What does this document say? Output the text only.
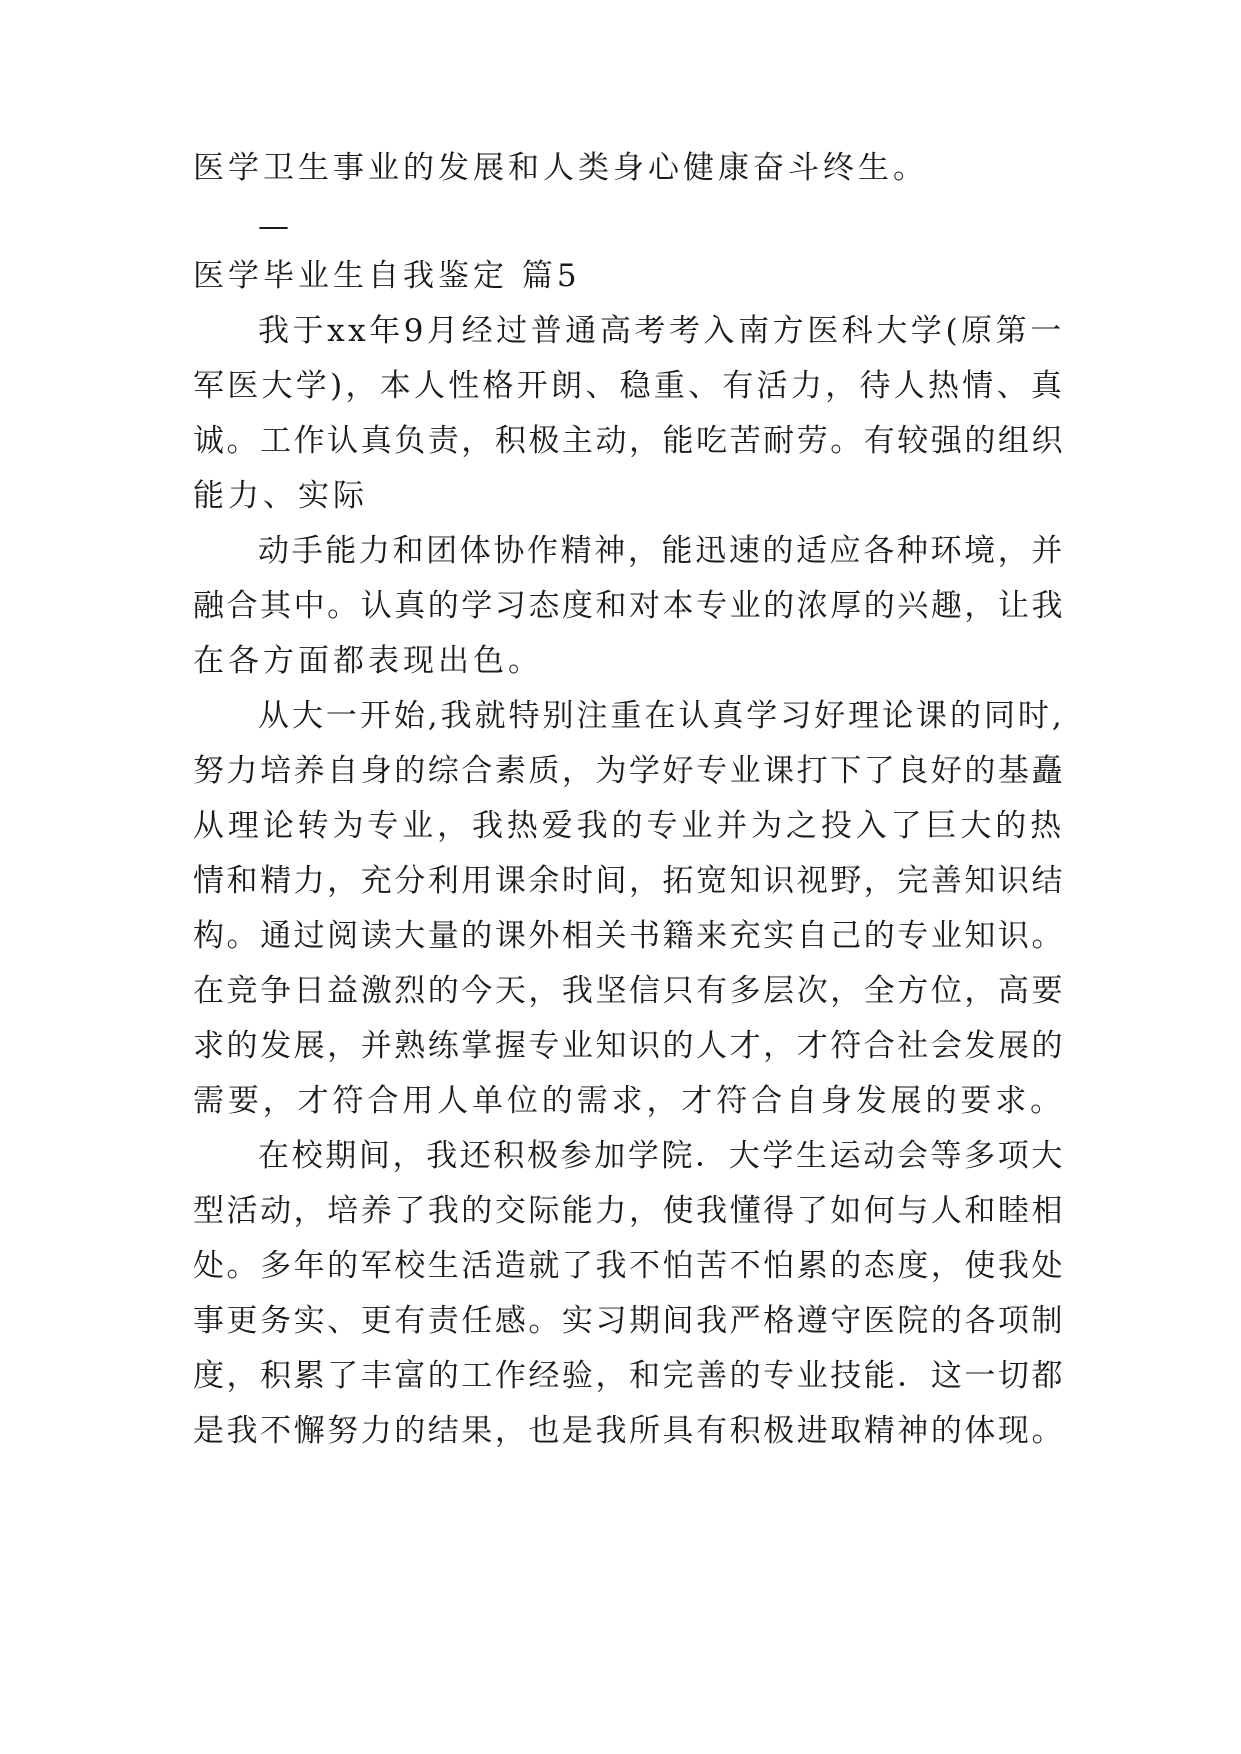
医学卫生事业的发展和人类身心健康奋斗终生。
—
医学毕业生自我鉴定 篇5
我于xx年9月经过普通高考考入南方医科大学(原第一
军医大学)，本人性格开朗、稳重、有活力，待人热情、真
诚。工作认真负责，积极主动，能吃苦耐劳。有较强的组织
能力、实际
动手能力和团体协作精神，能迅速的适应各种环境，并
融合其中。认真的学习态度和对本专业的浓厚的兴趣，让我
在各方面都表现出色。
从大一开始,我就特别注重在认真学习好理论课的同时,
努力培养自身的综合素质，为学好专业课打下了良好的基矗
从理论转为专业，我热爱我的专业并为之投入了巨大的热
情和精力，充分利用课余时间，拓宽知识视野，完善知识结
构。通过阅读大量的课外相关书籍来充实自己的专业知识。
在竞争日益激烈的今天，我坚信只有多层次，全方位，高要
求的发展，并熟练掌握专业知识的人才，才符合社会发展的
需要，才符合用人单位的需求，才符合自身发展的要求。
在校期间，我还积极参加学院．大学生运动会等多项大
型活动，培养了我的交际能力，使我懂得了如何与人和睦相
处。多年的军校生活造就了我不怕苦不怕累的态度，使我处
事更务实、更有责任感。实习期间我严格遵守医院的各项制
度，积累了丰富的工作经验，和完善的专业技能．这一切都
是我不懈努力的结果，也是我所具有积极进取精神的体现。
